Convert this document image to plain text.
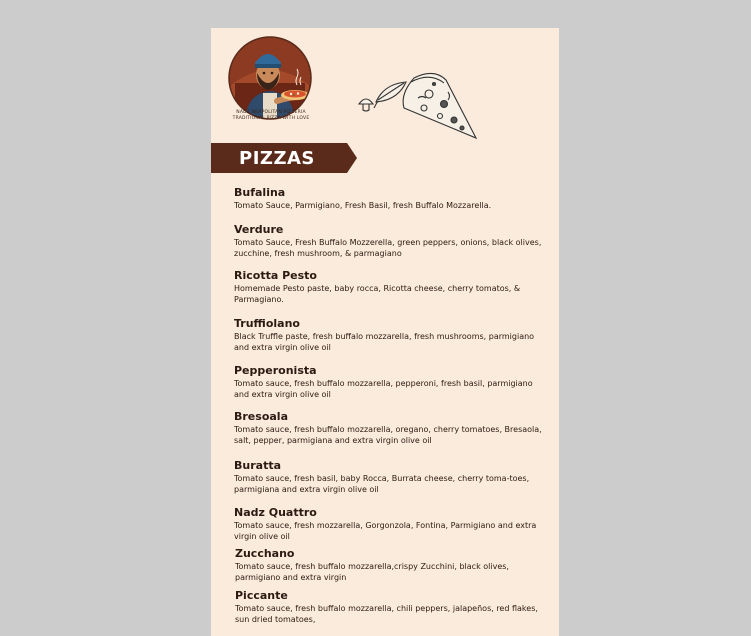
NADZ NEAPOLITAN PIZZERIA
TRADITIONAL PIZZA WITH LOVE
PIZZAS
Bufalina
Tomato Sauce, Parmigiano, Fresh Basil, fresh Buffalo Mozzarella.
Verdure
Tomato Sauce, Fresh Buffalo Mozzerella, green peppers, onions, black olives, zucchine, fresh mushroom, & parmagiano
Ricotta Pesto
Homemade Pesto paste, baby rocca, Ricotta cheese, cherry tomatos, & Parmagiano.
Truffiolano
Black Truffle paste, fresh buffalo mozzarella, fresh mushrooms, parmigiano and extra virgin olive oil
Pepperonista
Tomato sauce, fresh buffalo mozzarella, pepperoni, fresh basil, parmigiano and extra virgin olive oil
Bresoala
Tomato sauce, fresh buffalo mozzarella, oregano, cherry tomatoes, Bresaola, salt, pepper, parmigiana and extra virgin olive oil
Buratta
Tomato sauce, fresh basil, baby Rocca, Burrata cheese, cherry toma-toes, parmigiana and extra virgin olive oil
Nadz Quattro
Tomato sauce, fresh mozzarella, Gorgonzola, Fontina, Parmigiano and extra virgin olive oil
Zucchano
Tomato sauce, fresh buffalo mozzarella,crispy Zucchini, black olives, parmigiano and extra virgin
Piccante
Tomato sauce, fresh buffalo mozzarella, chili peppers, jalapeños, red flakes, sun dried tomatoes,
